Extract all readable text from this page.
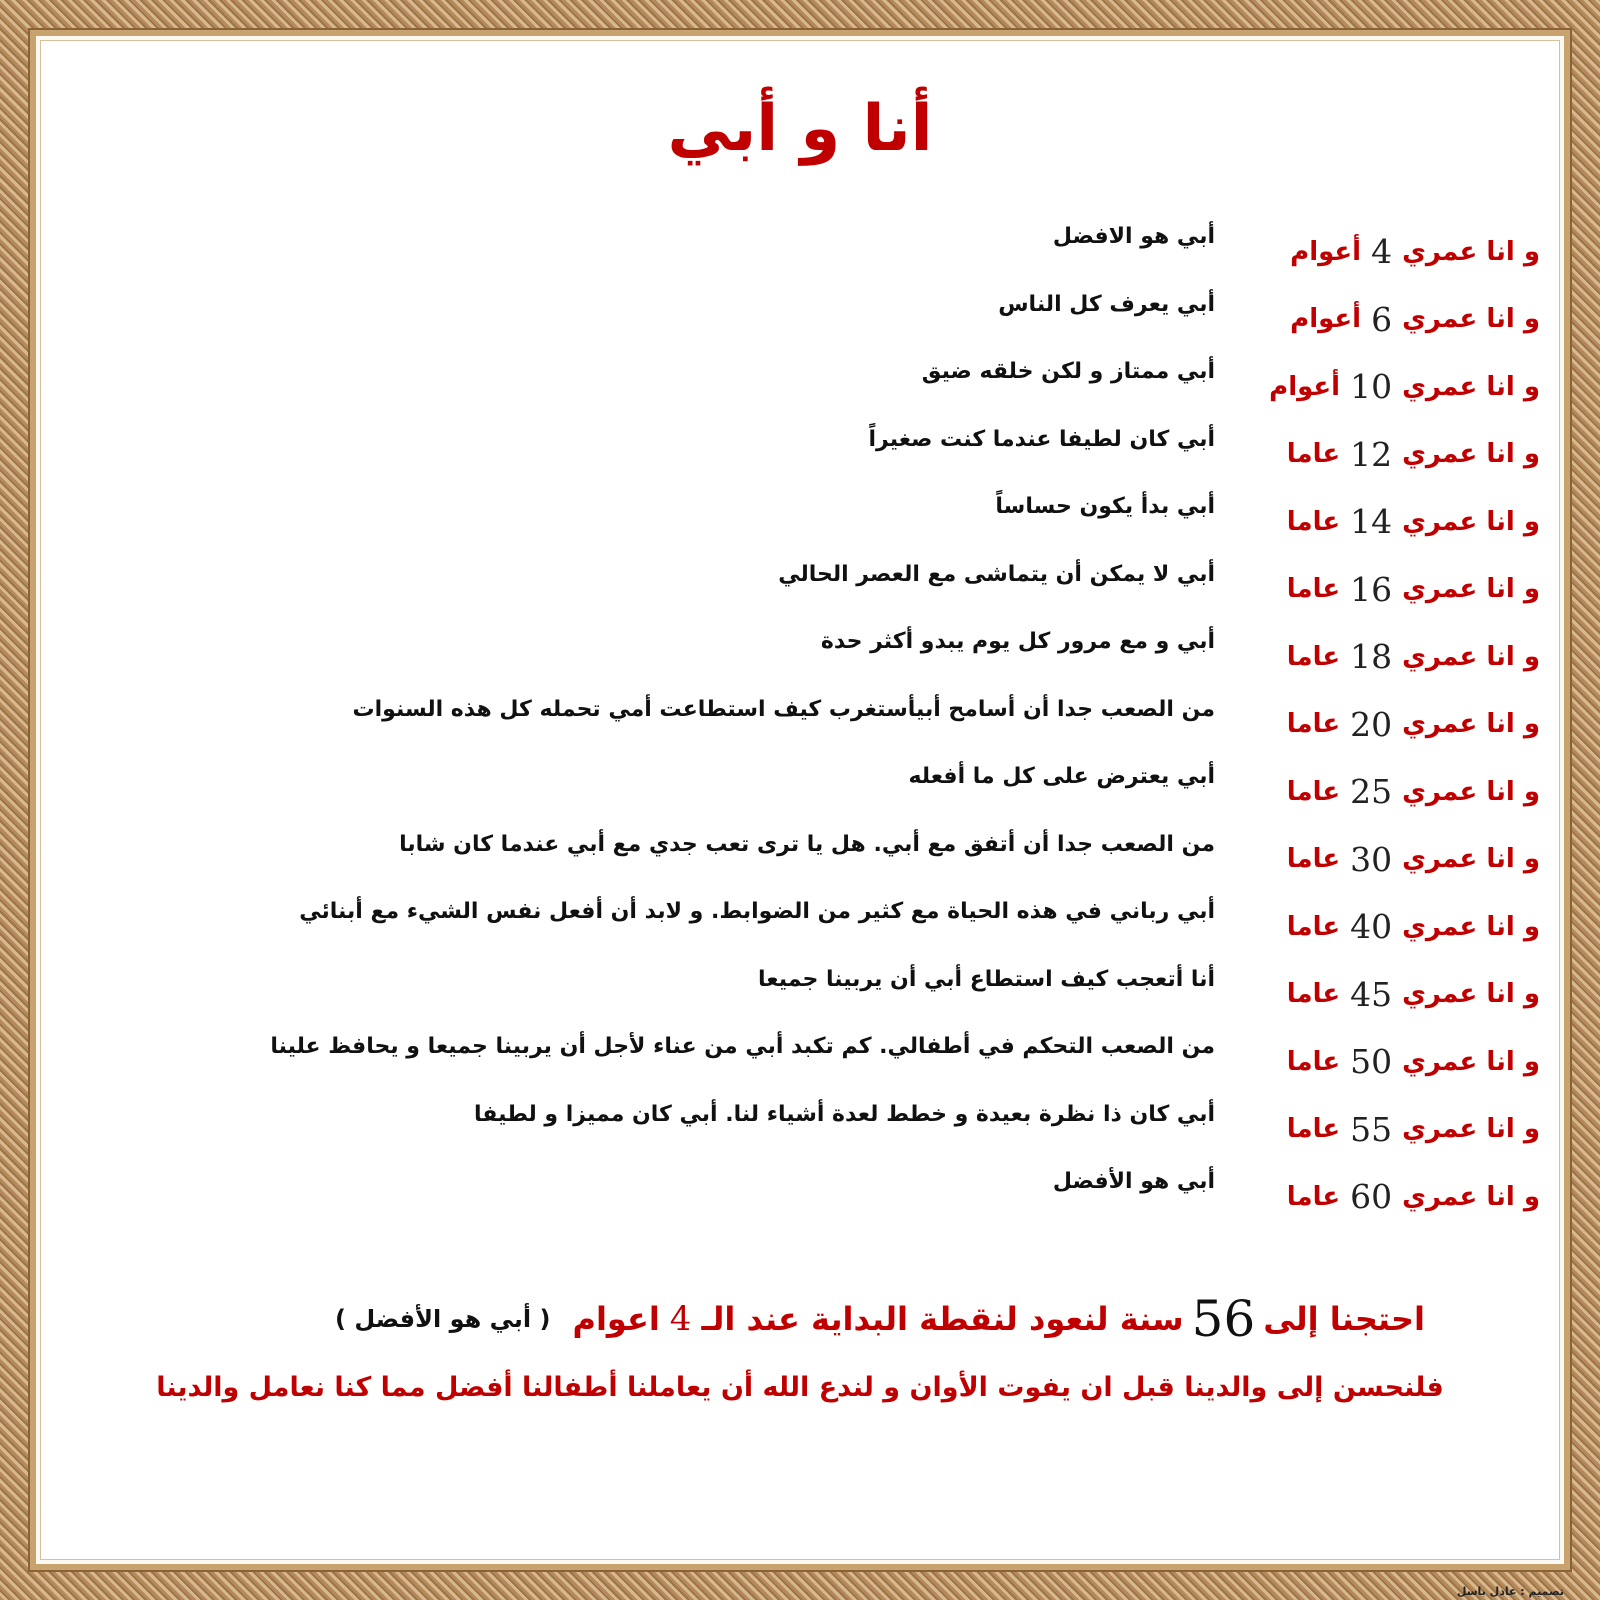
أنا و أبي
و انا عمري
4
أعوام
أبي هو الافضل
و انا عمري
6
أعوام
أبي يعرف كل الناس
و انا عمري
10
أعوام
أبي ممتاز و لكن خلقه ضيق
و انا عمري
12
عاما
أبي كان لطيفا عندما كنت صغيراً
و انا عمري
14
عاما
أبي بدأ يكون حساساً
و انا عمري
16
عاما
أبي لا يمكن أن يتماشى مع العصر الحالي
و انا عمري
18
عاما
أبي و مع مرور كل يوم يبدو أكثر حدة
و انا عمري
20
عاما
من الصعب جدا أن أسامح أبيأستغرب كيف استطاعت أمي تحمله كل هذه السنوات
و انا عمري
25
عاما
أبي يعترض على كل ما أفعله
و انا عمري
30
عاما
من الصعب جدا أن أتفق مع أبي. هل يا ترى تعب جدي مع أبي عندما كان شابا
و انا عمري
40
عاما
أبي رباني في هذه الحياة مع كثير من الضوابط. و لابد أن أفعل نفس الشيء مع أبنائي
و انا عمري
45
عاما
أنا أتعجب كيف استطاع أبي أن يربينا جميعا
و انا عمري
50
عاما
من الصعب التحكم في أطفالي. كم تكبد أبي من عناء لأجل أن يربينا جميعا و يحافظ علينا
و انا عمري
55
عاما
أبي كان ذا نظرة بعيدة و خطط لعدة أشياء لنا. أبي كان مميزا و لطيفا
و انا عمري
60
عاما
أبي هو الأفضل
احتجنا إلى
56
سنة لنعود لنقطة البداية عند الـ
4
اعوام
( أبي هو الأفضل )
فلنحسن إلى والدينا قبل ان يفوت الأوان و لندع الله أن يعاملنا أطفالنا أفضل مما كنا نعامل والدينا
تصميم : عادل باسل
